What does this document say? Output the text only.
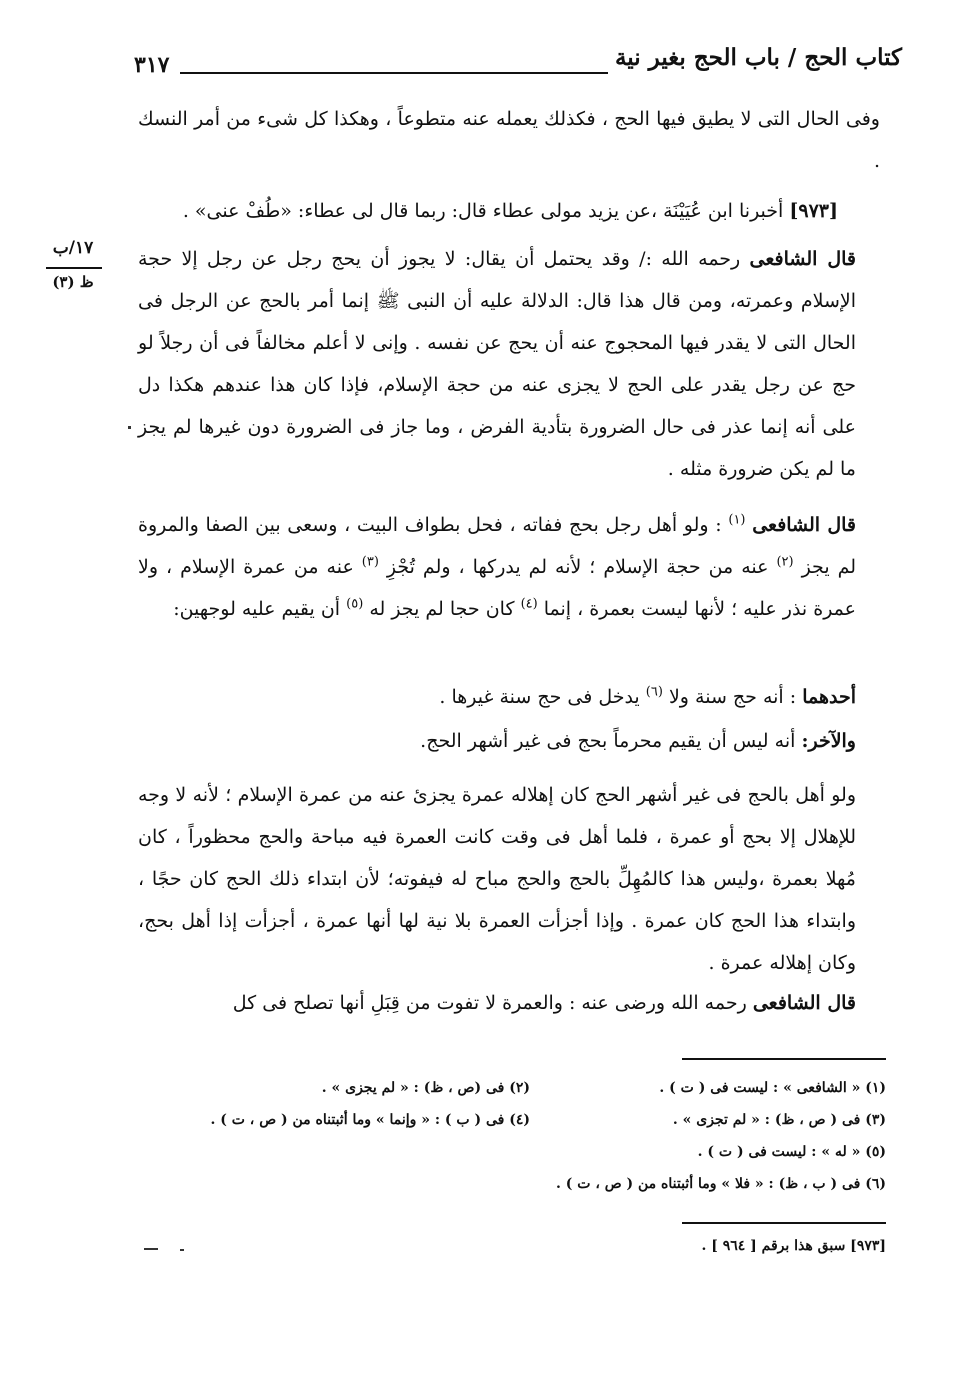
كتاب الحج / باب الحج بغير نية
٣١٧
١٧/ب
ظ (٣)
وفى الحال التى لا يطيق فيها الحج ، فكذلك يعمله عنه متطوعاً ، وهكذا كل شىء من أمر النسك .
[٩٧٣] أخبرنا ابن عُيَيْنَة ،عن يزيد مولى عطاء قال: ربما قال لى عطاء: «طُفْ عنى» .
قال الشافعى رحمه الله :/ وقد يحتمل أن يقال: لا يجوز أن يحج رجل عن رجل إلا حجة الإسلام وعمرته، ومن قال هذا قال: الدلالة عليه أن النبى ﷺ إنما أمر بالحج عن الرجل فى الحال التى لا يقدر فيها المحجوج عنه أن يحج عن نفسه . وإنى لا أعلم مخالفاً فى أن رجلاً لو حج عن رجل يقدر على الحج لا يجزى عنه من حجة الإسلام، فإذا كان هذا عندهم هكذا دل على أنه إنما عذر فى حال الضرورة بتأدية الفرض ، وما جاز فى الضرورة دون غيرها لم يجز ما لم يكن ضرورة مثله .
قال الشافعى $^{(١)}$ : ولو أهل رجل بحج ففاته ، فحل بطواف البيت ، وسعى بين الصفا والمروة لم يجز $^{(٢)}$ عنه من حجة الإسلام ؛ لأنه لم يدركها ، ولم تُجْزِ $^{(٣)}$ عنه من عمرة الإسلام ، ولا عمرة نذر عليه ؛ لأنها ليست بعمرة ، إنما $^{(٤)}$ كان حجا لم يجز له $^{(٥)}$ أن يقيم عليه لوجهين:
أحدهما : أنه حج سنة ولا $^{(٦)}$ يدخل فى حج سنة غيرها .
والآخر: أنه ليس أن يقيم محرماً بحج فى غير أشهر الحج.
ولو أهل بالحج فى غير أشهر الحج كان إهلاله عمرة يجزئ عنه من عمرة الإسلام ؛ لأنه لا وجه للإهلال إلا بحج أو عمرة ، فلما أهل فى وقت كانت العمرة فيه مباحة والحج محظوراً ، كان مُهلا بعمرة ،وليس هذا كالمُهِلِّ بالحج والحج مباح له فيفوته؛ لأن ابتداء ذلك الحج كان حجًا ، وابتداء هذا الحج كان عمرة . وإذا أجزأت العمرة بلا نية لها أنها عمرة ، أجزأت إذا أهل بحج، وكان إهلاله عمرة .
قال الشافعى رحمه الله ورضى عنه : والعمرة لا تفوت من قِبَلِ أنها تصلح فى كل
(١) « الشافعى » : ليست فى ( ت ) .
(٢) فى (ص ، ظ) : « لم يجزى » .
(٣) فى ( ص ، ظ) : « لم تجزى » .
(٤) فى ( ب ) : « وإنما » وما أثبتناه من ( ص ، ت ) .
(٥) « له » : ليست فى ( ت ) .
(٦) فى ( ب ، ظ) : « فلا » وما أثبتناه من ( ص ، ت ) .
[٩٧٣] سبق هذا برقم [ ٩٦٤ ] .
